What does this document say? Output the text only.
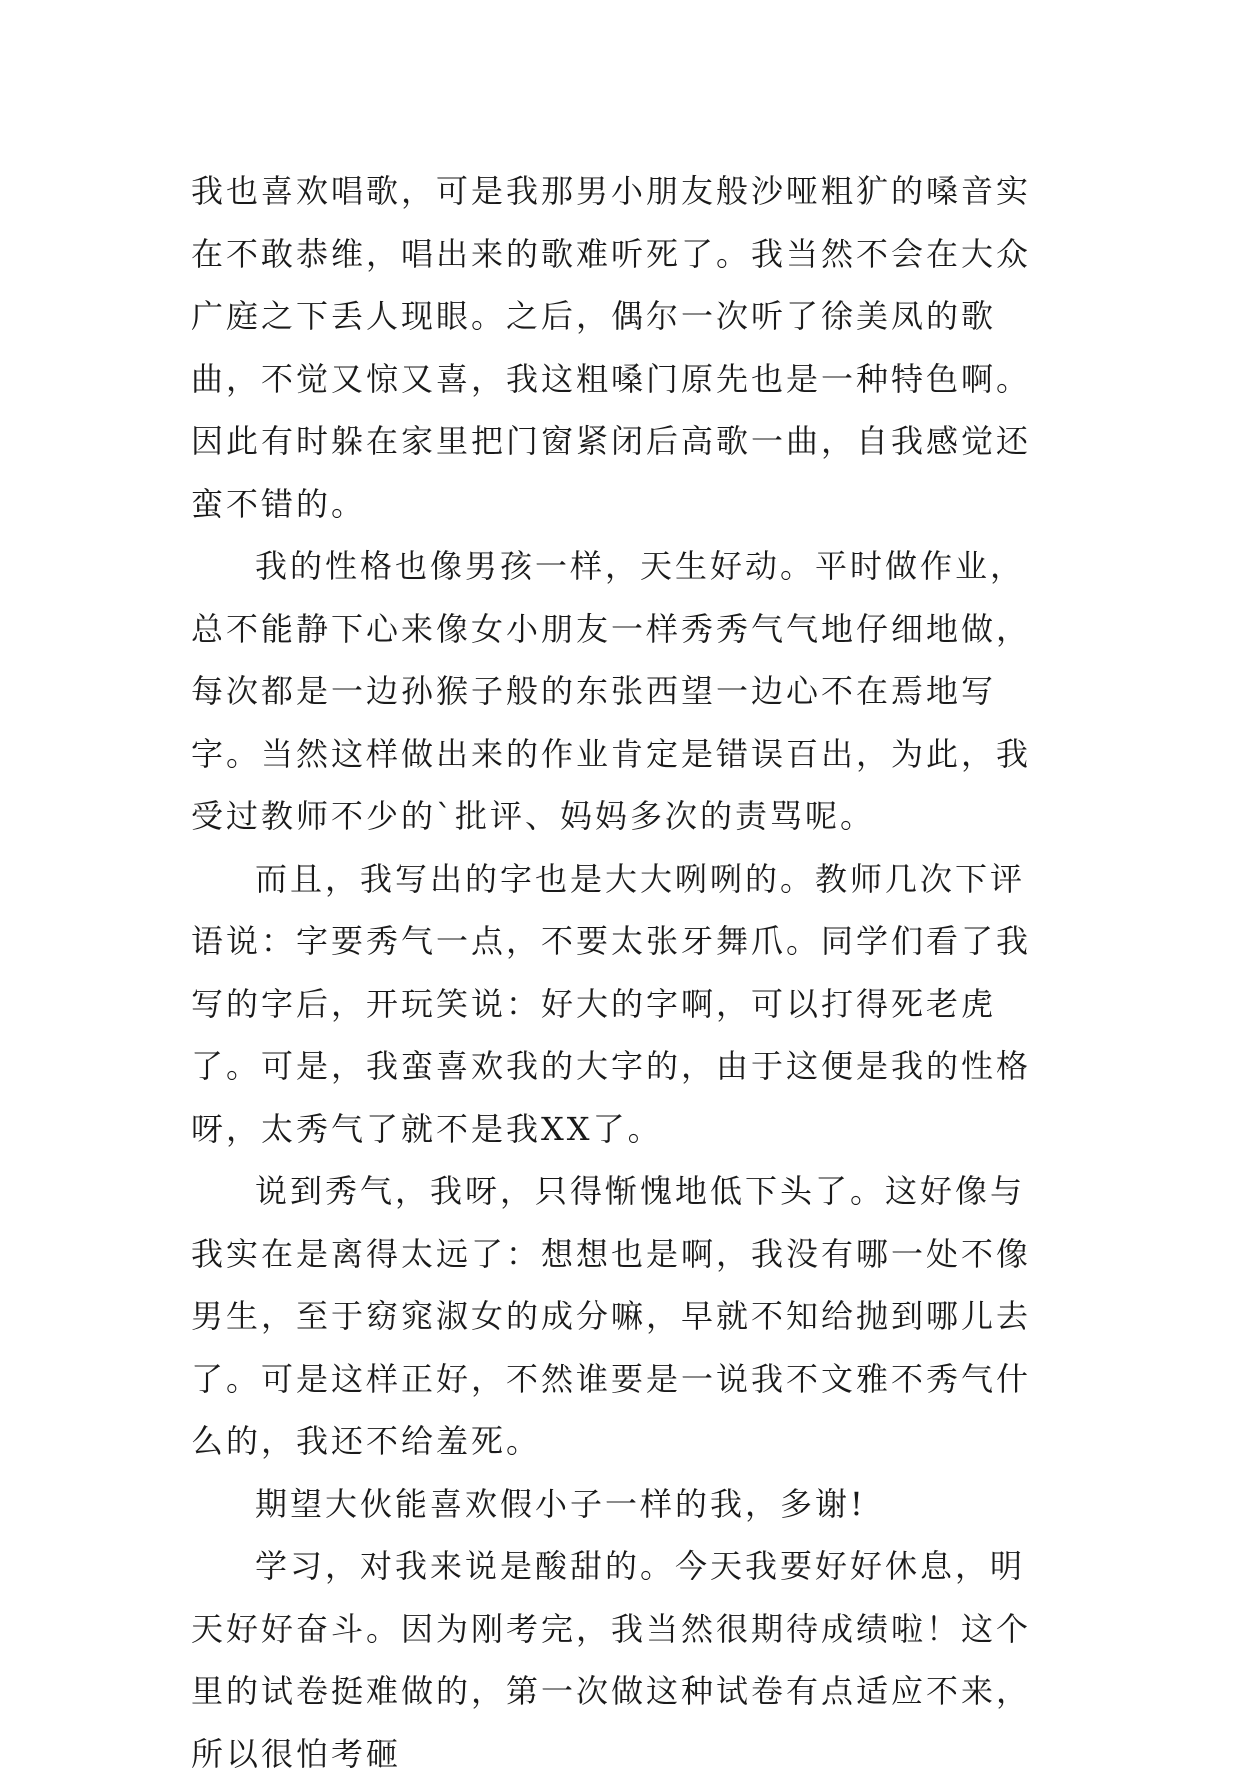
我也喜欢唱歌，可是我那男小朋友般沙哑粗犷的嗓音实在不敢恭维，唱出来的歌难听死了。我当然不会在大众广庭之下丢人现眼。之后，偶尔一次听了徐美凤的歌曲，不觉又惊又喜，我这粗嗓门原先也是一种特色啊。因此有时躲在家里把门窗紧闭后高歌一曲，自我感觉还蛮不错的。

我的性格也像男孩一样，天生好动。平时做作业，总不能静下心来像女小朋友一样秀秀气气地仔细地做，每次都是一边孙猴子般的东张西望一边心不在焉地写字。当然这样做出来的作业肯定是错误百出，为此，我受过教师不少的`批评、妈妈多次的责骂呢。

而且，我写出的字也是大大咧咧的。教师几次下评语说：字要秀气一点，不要太张牙舞爪。同学们看了我写的字后，开玩笑说：好大的字啊，可以打得死老虎了。可是，我蛮喜欢我的大字的，由于这便是我的性格呀，太秀气了就不是我XX了。

说到秀气，我呀，只得惭愧地低下头了。这好像与我实在是离得太远了：想想也是啊，我没有哪一处不像男生，至于窈窕淑女的成分嘛，早就不知给抛到哪儿去了。可是这样正好，不然谁要是一说我不文雅不秀气什么的，我还不给羞死。

期望大伙能喜欢假小子一样的我，多谢!

学习，对我来说是酸甜的。今天我要好好休息，明天好好奋斗。因为刚考完，我当然很期待成绩啦！这个里的试卷挺难做的，第一次做这种试卷有点适应不来，所以很怕考砸
